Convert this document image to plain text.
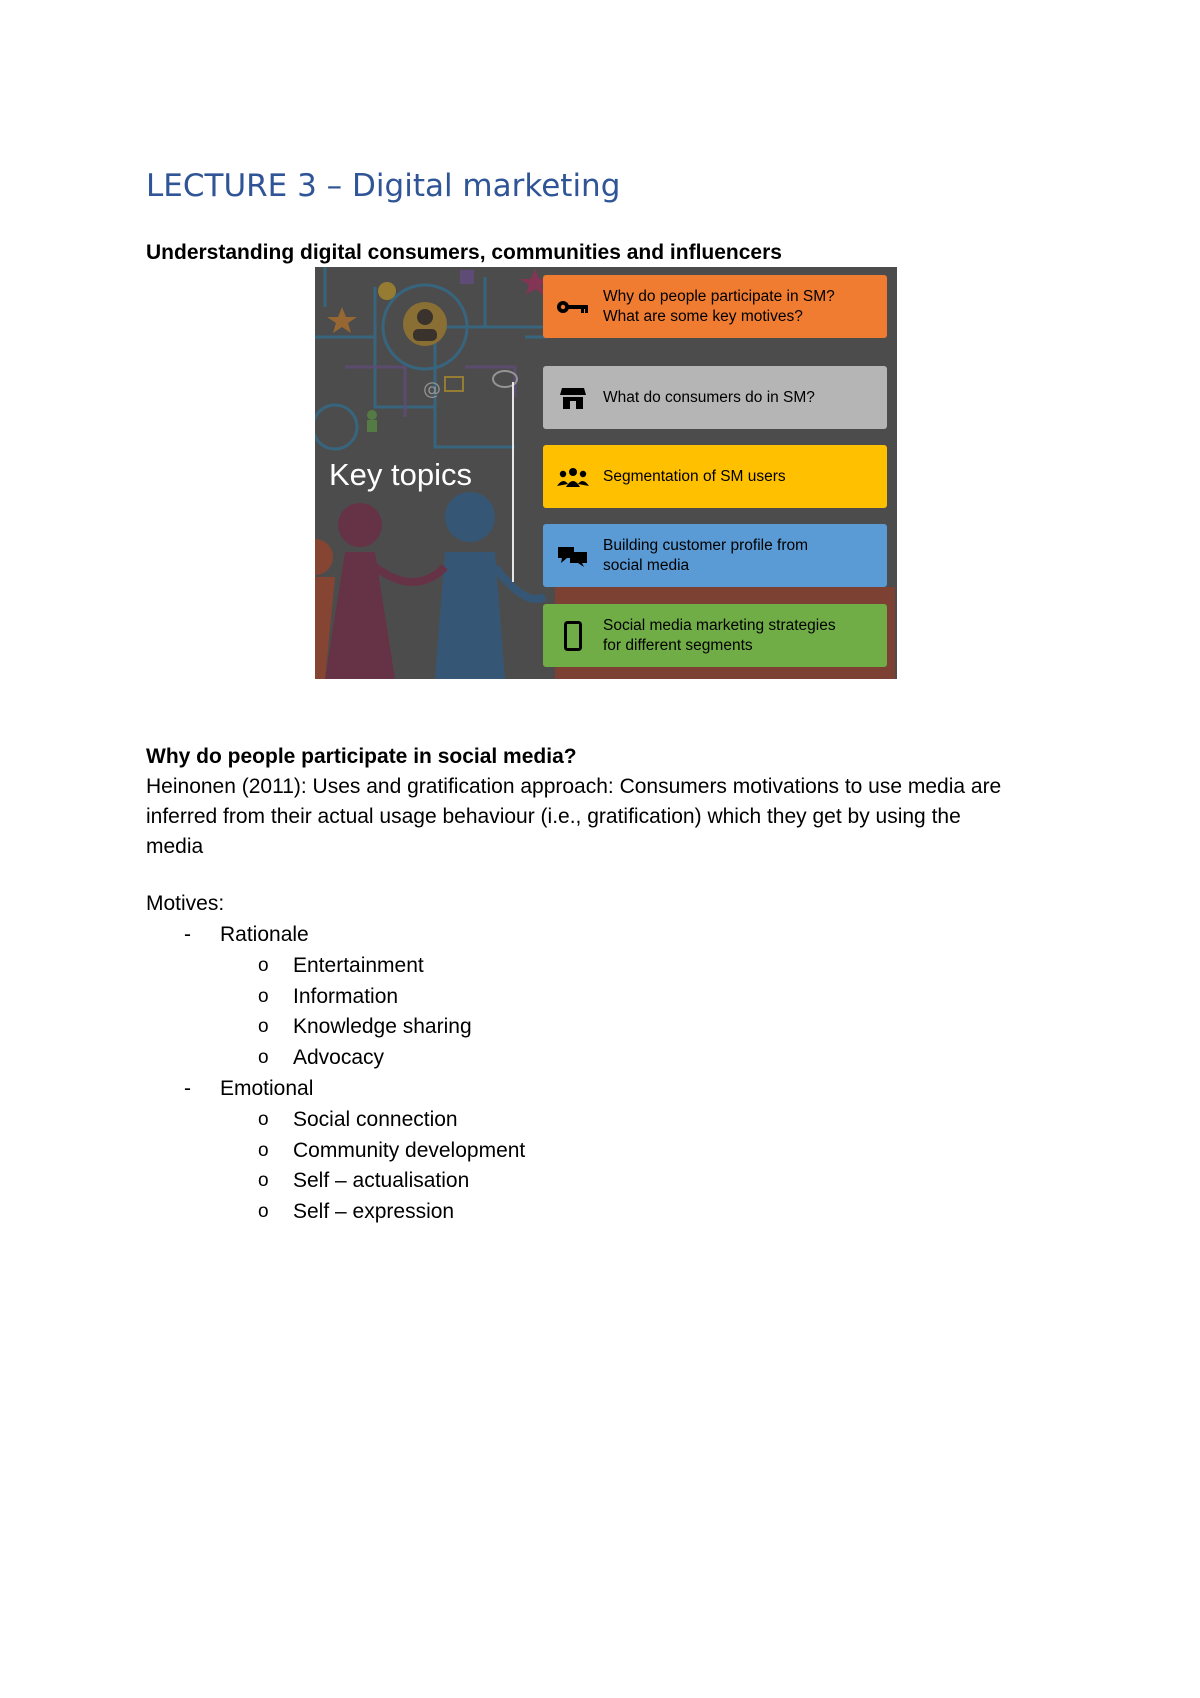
LECTURE 3 – Digital marketing

Understanding digital consumers, communities and influencers

@
Key topics
Why do people participate in SM?
What are some key motives?
What do consumers do in SM?
Segmentation of SM users
Building customer profile from
social media
Social media marketing strategies
for different segments

Why do people participate in social media?

Heinonen (2011): Uses and gratification approach: Consumers motivations to use media are
inferred from their actual usage behaviour (i.e., gratification) which they get by using the
media

Motives:

- Rationale
o Entertainment
o Information
o Knowledge sharing
o Advocacy
- Emotional
o Social connection
o Community development
o Self – actualisation
o Self – expression
